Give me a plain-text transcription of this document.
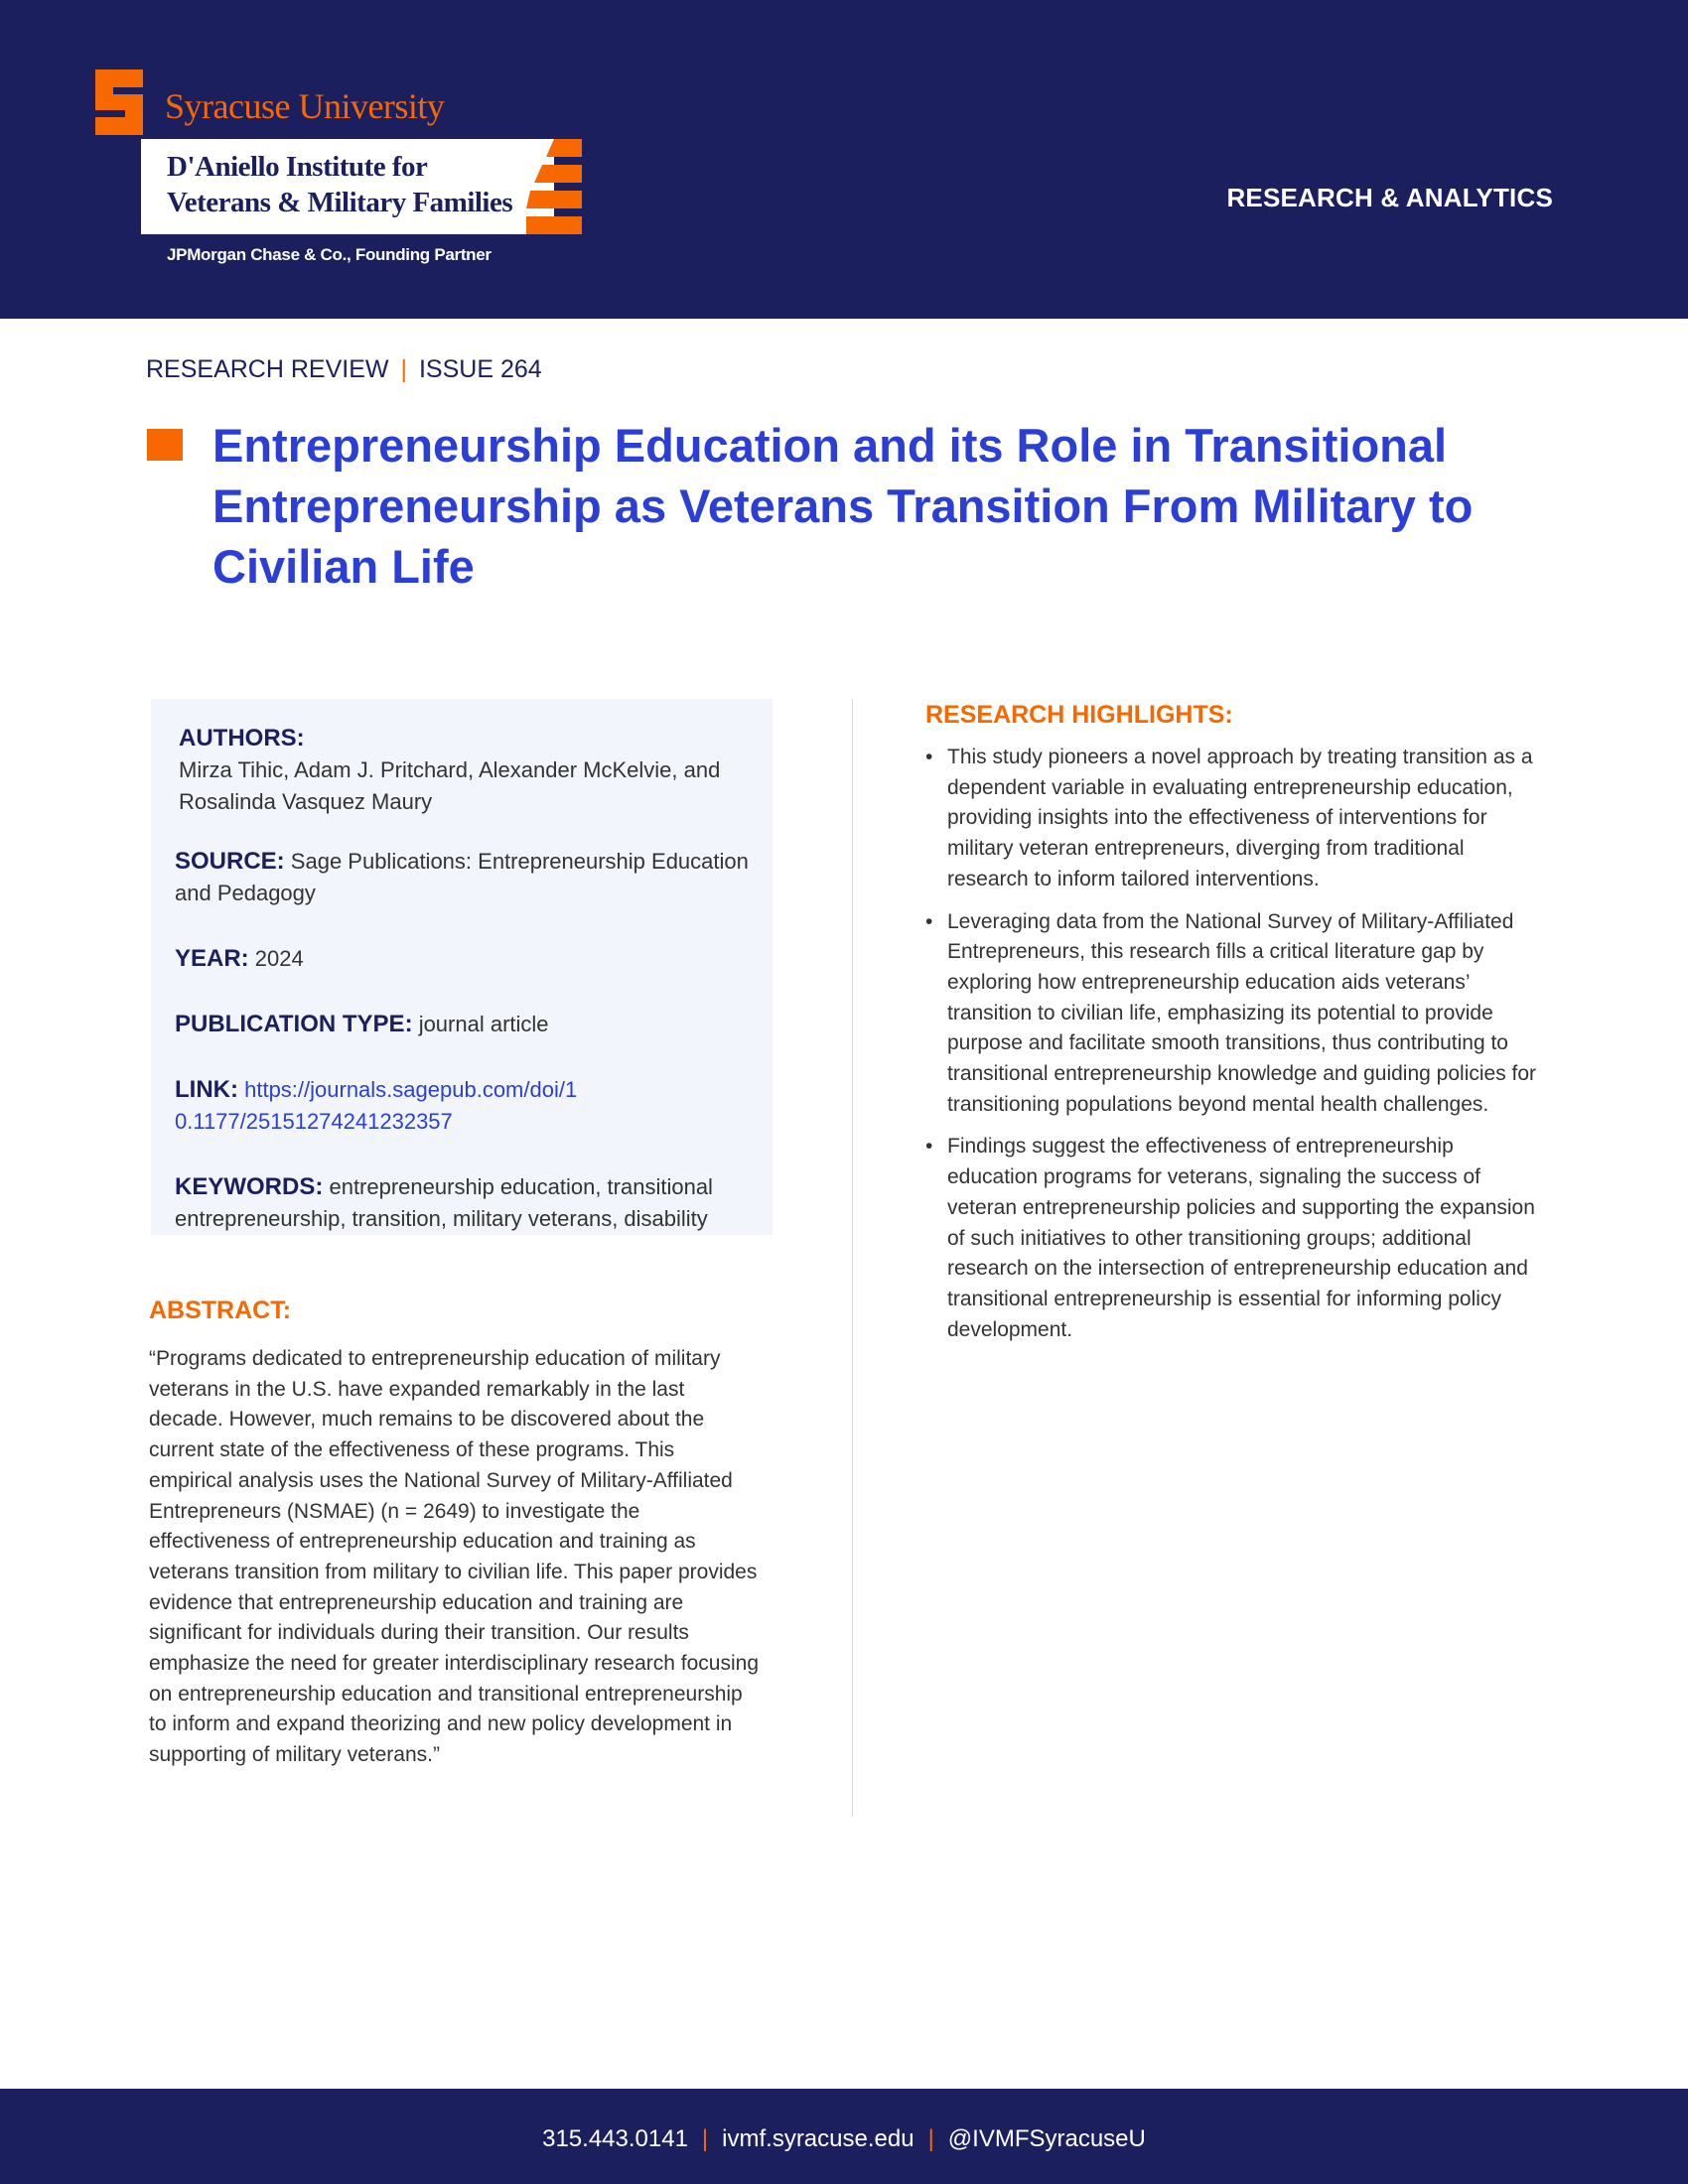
Syracuse University
D'Aniello Institute for
Veterans & Military Families
JPMorgan Chase & Co., Founding Partner
RESEARCH & ANALYTICS
RESEARCH REVIEW | ISSUE 264
Entrepreneurship Education and its Role in Transitional Entrepreneurship as Veterans Transition From Military to Civilian Life
AUTHORS:
Mirza Tihic, Adam J. Pritchard, Alexander McKelvie, and Rosalinda Vasquez Maury
SOURCE: Sage Publications: Entrepreneurship Education and Pedagogy
YEAR: 2024
PUBLICATION TYPE: journal article
LINK: https://journals.sagepub.com/doi/10.1177/25151274241232357
KEYWORDS: entrepreneurship education, transitional entrepreneurship, transition, military veterans, disability
ABSTRACT:

“Programs dedicated to entrepreneurship education of military veterans in the U.S. have expanded remarkably in the last decade. However, much remains to be discovered about the current state of the effectiveness of these programs. This empirical analysis uses the National Survey of Military-Affiliated Entrepreneurs (NSMAE) (n = 2649) to investigate the effectiveness of entrepreneurship education and training as veterans transition from military to civilian life. This paper provides evidence that entrepreneurship education and training are significant for individuals during their transition. Our results emphasize the need for greater interdisciplinary research focusing on entrepreneurship education and transitional entrepreneurship to inform and expand theorizing and new policy development in supporting of military veterans.”

RESEARCH HIGHLIGHTS:
• This study pioneers a novel approach by treating transition as a dependent variable in evaluating entrepreneurship education, providing insights into the effectiveness of interventions for military veteran entrepreneurs, diverging from traditional research to inform tailored interventions.
• Leveraging data from the National Survey of Military-Affiliated Entrepreneurs, this research fills a critical literature gap by exploring how entrepreneurship education aids veterans’ transition to civilian life, emphasizing its potential to provide purpose and facilitate smooth transitions, thus contributing to transitional entrepreneurship knowledge and guiding policies for transitioning populations beyond mental health challenges.
• Findings suggest the effectiveness of entrepreneurship education programs for veterans, signaling the success of veteran entrepreneurship policies and supporting the expansion of such initiatives to other transitioning groups; additional research on the intersection of entrepreneurship education and transitional entrepreneurship is essential for informing policy development.
315.443.0141 | ivmf.syracuse.edu | @IVMFSyracuseU
